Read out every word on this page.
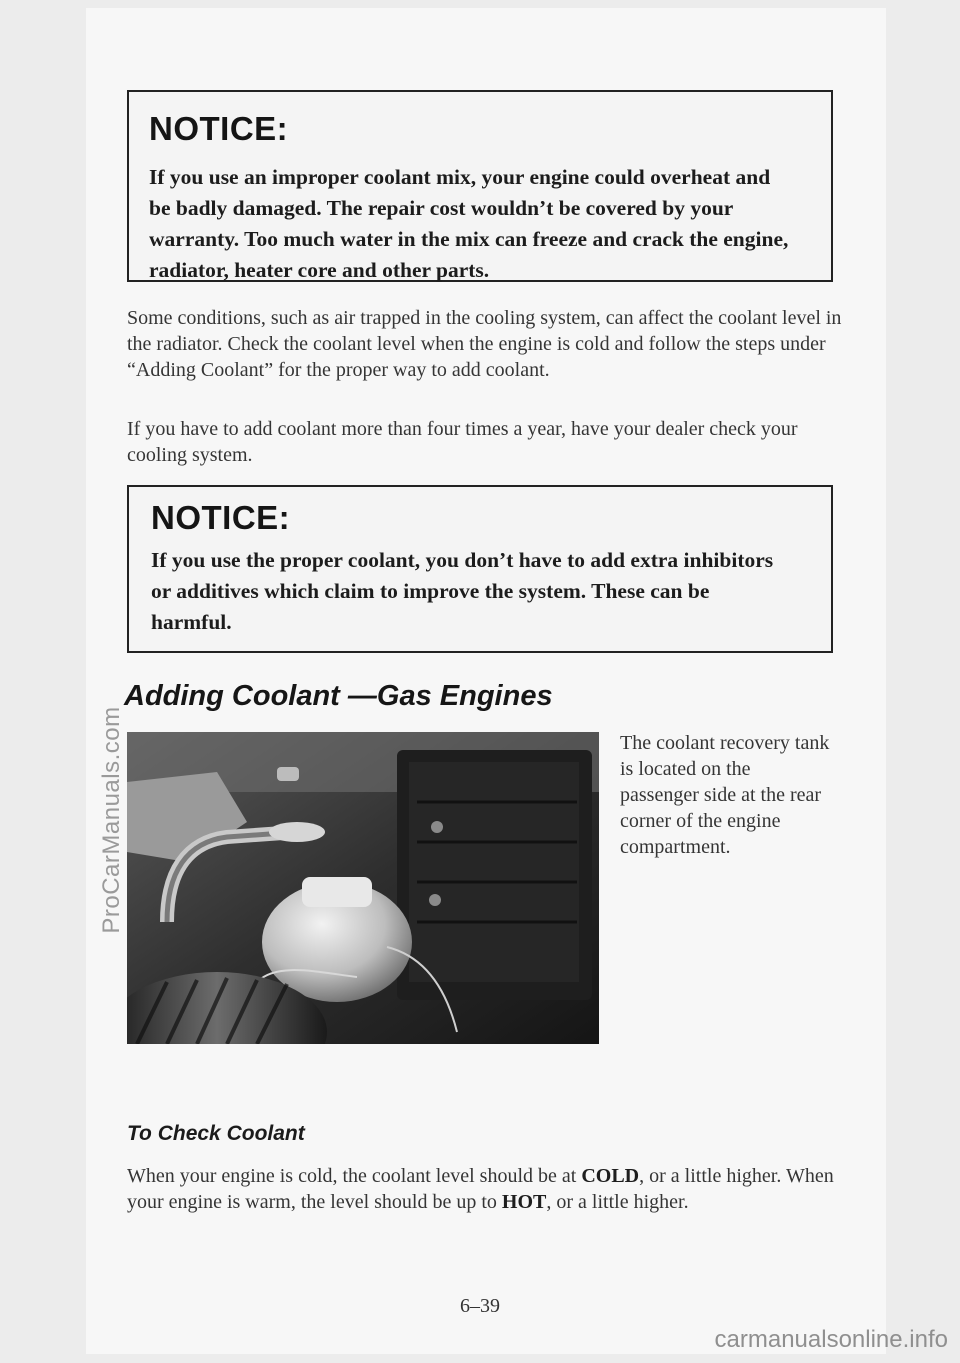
NOTICE:
If you use an improper coolant mix, your engine could overheat and be badly damaged. The repair cost wouldn’t be covered by your warranty. Too much water in the mix can freeze and crack the engine, radiator, heater core and other parts.

Some conditions, such as air trapped in the cooling system, can affect the coolant level in the radiator. Check the coolant level when the engine is cold and follow the steps under “Adding Coolant” for the proper way to add coolant.

If you have to add coolant more than four times a year, have your dealer check your cooling system.

NOTICE:
If you use the proper coolant, you don’t have to add extra inhibitors or additives which claim to improve the system. These can be harmful.
Adding Coolant —Gas Engines

The coolant recovery tank is located on the passenger side at the rear corner of the engine compartment.

To Check Coolant

When your engine is cold, the coolant level should be at COLD, or a little higher. When your engine is warm, the level should be up to HOT, or a little higher.

6–39
ProCarManuals.com
carmanualsonline.info
